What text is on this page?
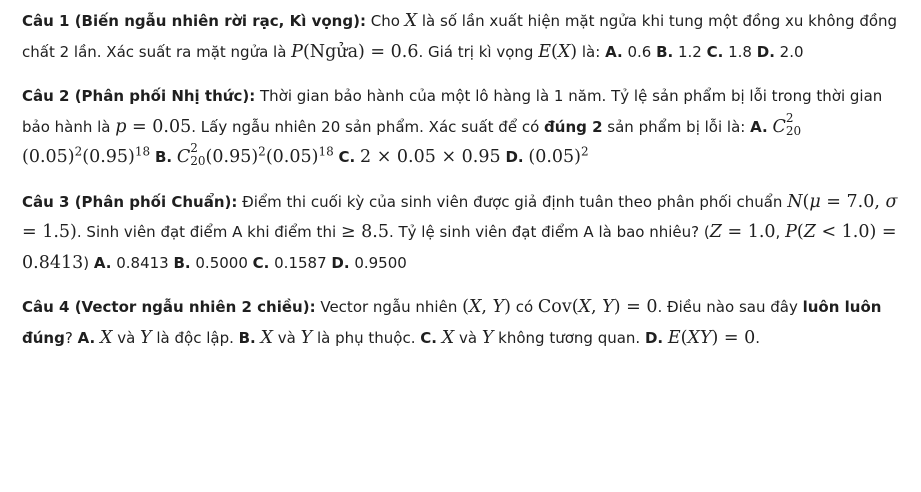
Câu 1 (Biến ngẫu nhiên rời rạc, Kì vọng): Cho X là số lần xuất hiện mặt ngửa khi tung một đồng xu không đồng chất 2 lần. Xác suất ra mặt ngửa là P(Ngửa) = 0.6. Giá trị kì vọng E(X) là: A. 0.6 B. 1.2 C. 1.8 D. 2.0

Câu 2 (Phân phối Nhị thức): Thời gian bảo hành của một lô hàng là 1 năm. Tỷ lệ sản phẩm bị lỗi trong thời gian bảo hành là p = 0.05. Lấy ngẫu nhiên 20 sản phẩm. Xác suất để có đúng 2 sản phẩm bị lỗi là: A. C 2
20
$(0.05)^2(0.95)^{18}$ B. C 2
20 $(0.95)^2(0.05)^{18}$ C. 2 × 0.05 × 0.95 D. $(0.05)^2$

Câu 3 (Phân phối Chuẩn): Điểm thi cuối kỳ của sinh viên được giả định tuân theo phân phối chuẩn N(μ = 7.0, σ = 1.5). Sinh viên đạt điểm A khi điểm thi ≥ 8.5. Tỷ lệ sinh viên đạt điểm A là bao nhiêu? (Z = 1.0, P(Z < 1.0) = 0.8413) A. 0.8413 B. 0.5000 C. 0.1587 D. 0.9500

Câu 4 (Vector ngẫu nhiên 2 chiều): Vector ngẫu nhiên (X, Y) có Cov(X, Y) = 0. Điều nào sau đây luôn luôn đúng? A. X và Y là độc lập. B. X và Y là phụ thuộc. C. X và Y không tương quan. D. E(XY) = 0.
